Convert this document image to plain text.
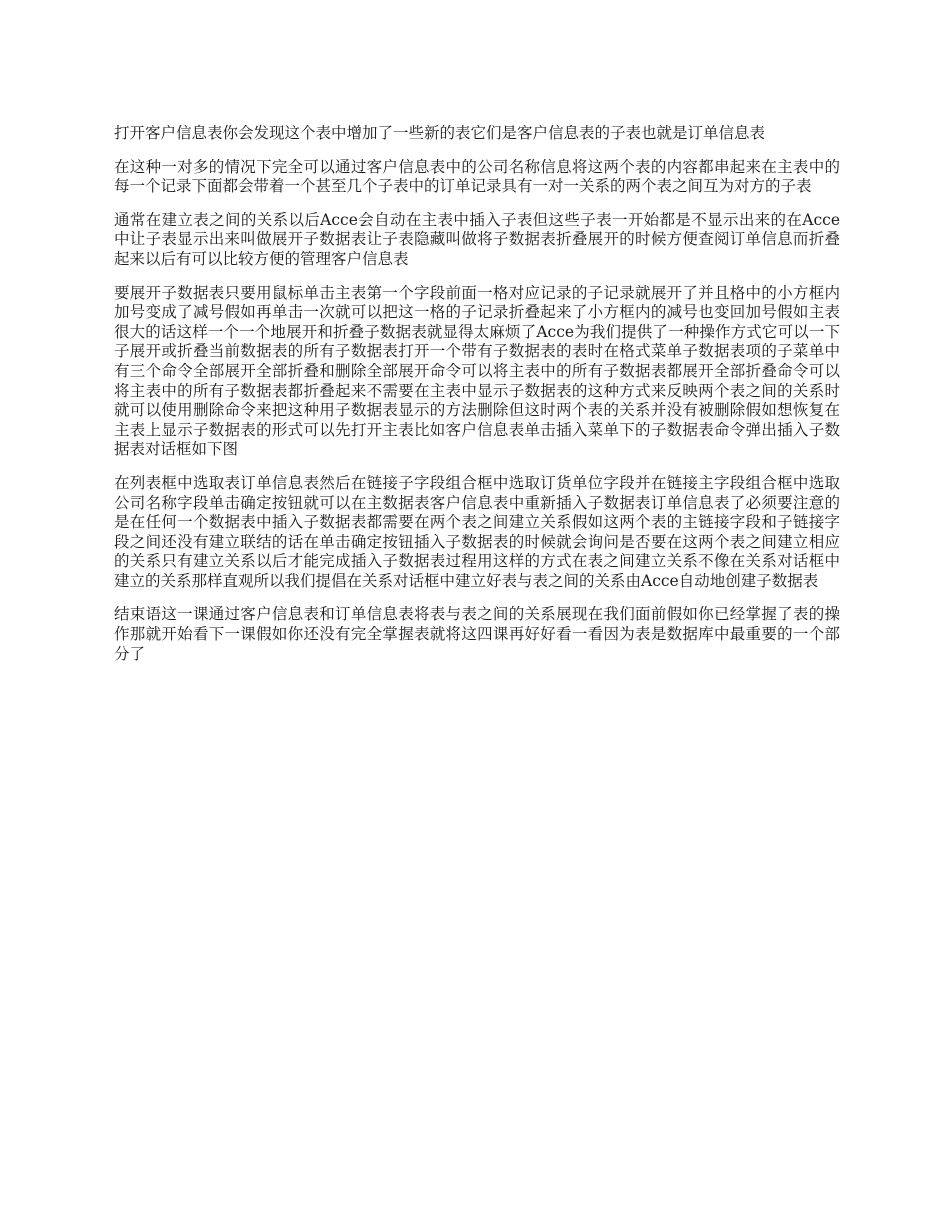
打开客户信息表你会发现这个表中增加了一些新的表它们是客户信息表的子表也就是订单信息表

在这种一对多的情况下完全可以通过客户信息表中的公司名称信息将这两个表的内容都串起来在主表中的每一个记录下面都会带着一个甚至几个子表中的订单记录具有一对一关系的两个表之间互为对方的子表

通常在建立表之间的关系以后Acce会自动在主表中插入子表但这些子表一开始都是不显示出来的在Acce中让子表显示出来叫做展开子数据表让子表隐藏叫做将子数据表折叠展开的时候方便查阅订单信息而折叠起来以后有可以比较方便的管理客户信息表

要展开子数据表只要用鼠标单击主表第一个字段前面一格对应记录的子记录就展开了并且格中的小方框内加号变成了减号假如再单击一次就可以把这一格的子记录折叠起来了小方框内的减号也变回加号假如主表很大的话这样一个一个地展开和折叠子数据表就显得太麻烦了Acce为我们提供了一种操作方式它可以一下子展开或折叠当前数据表的所有子数据表打开一个带有子数据表的表时在格式菜单子数据表项的子菜单中有三个命令全部展开全部折叠和删除全部展开命令可以将主表中的所有子数据表都展开全部折叠命令可以将主表中的所有子数据表都折叠起来不需要在主表中显示子数据表的这种方式来反映两个表之间的关系时就可以使用删除命令来把这种用子数据表显示的方法删除但这时两个表的关系并没有被删除假如想恢复在主表上显示子数据表的形式可以先打开主表比如客户信息表单击插入菜单下的子数据表命令弹出插入子数据表对话框如下图

在列表框中选取表订单信息表然后在链接子字段组合框中选取订货单位字段并在链接主字段组合框中选取公司名称字段单击确定按钮就可以在主数据表客户信息表中重新插入子数据表订单信息表了必须要注意的是在任何一个数据表中插入子数据表都需要在两个表之间建立关系假如这两个表的主链接字段和子链接字段之间还没有建立联结的话在单击确定按钮插入子数据表的时候就会询问是否要在这两个表之间建立相应的关系只有建立关系以后才能完成插入子数据表过程用这样的方式在表之间建立关系不像在关系对话框中建立的关系那样直观所以我们提倡在关系对话框中建立好表与表之间的关系由Acce自动地创建子数据表

结束语这一课通过客户信息表和订单信息表将表与表之间的关系展现在我们面前假如你已经掌握了表的操作那就开始看下一课假如你还没有完全掌握表就将这四课再好好看一看因为表是数据库中最重要的一个部分了
